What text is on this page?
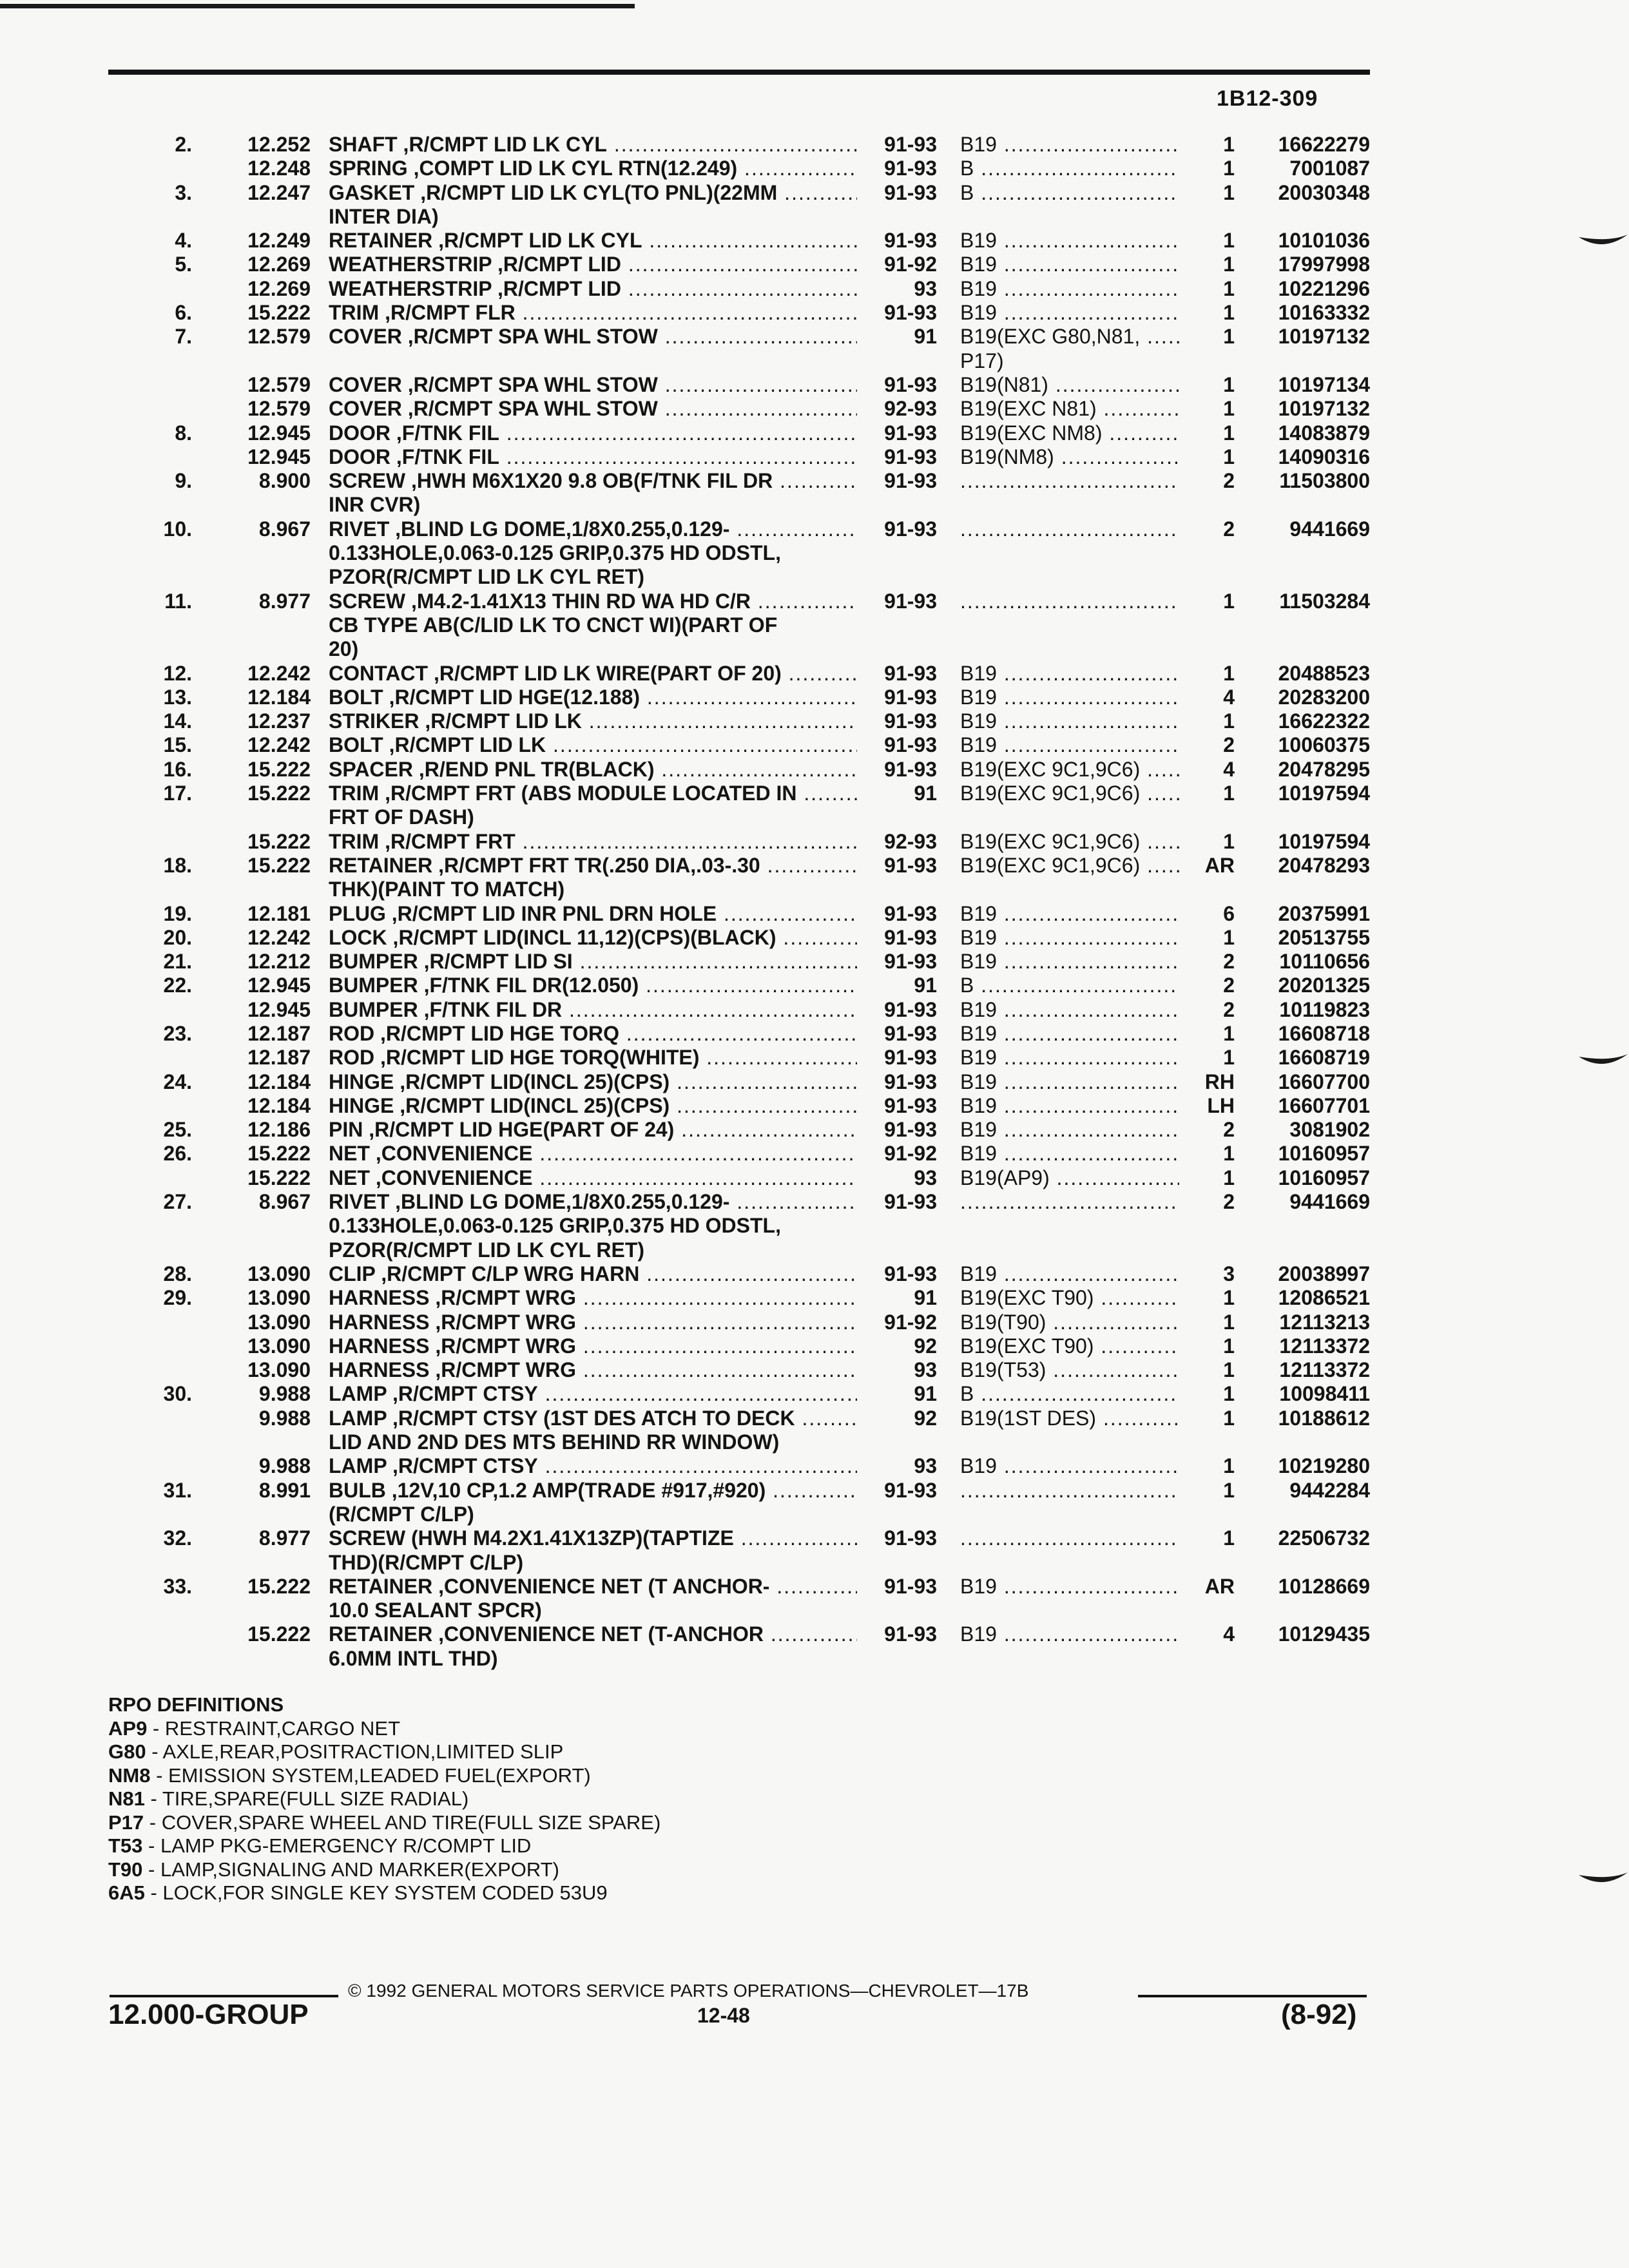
1B12-309
2.	12.252 SHAFT ,R/CMPT LID LK CYL .....	91-93 B19 .....	1	16622279
12.248 SPRING ,COMPT LID LK CYL RTN(12.249) .....	91-93 B .....	1	7001087
3.	12.247 GASKET ,R/CMPT LID LK CYL(TO PNL)(22MM .....	91-93 B .....	1	20030348
INTER DIA)
4.	12.249 RETAINER ,R/CMPT LID LK CYL .....	91-93 B19 .....	1	10101036
5.	12.269 WEATHERSTRIP ,R/CMPT LID .....	91-92 B19 .....	1	17997998
12.269 WEATHERSTRIP ,R/CMPT LID .....	93 B19 .....	1	10221296
6.	15.222 TRIM ,R/CMPT FLR .....	91-93 B19 .....	1	10163332
7.	12.579 COVER ,R/CMPT SPA WHL STOW .....	91 B19(EXC G80,N81, .....	1	10197132
P17)
12.579 COVER ,R/CMPT SPA WHL STOW .....	91-93 B19(N81) .....	1	10197134
12.579 COVER ,R/CMPT SPA WHL STOW .....	92-93 B19(EXC N81) .....	1	10197132
8.	12.945 DOOR ,F/TNK FIL .....	91-93 B19(EXC NM8) .....	1	14083879
12.945 DOOR ,F/TNK FIL .....	91-93 B19(NM8) .....	1	14090316
9.	8.900 SCREW ,HWH M6X1X20 9.8 OB(F/TNK FIL DR .....	91-93 .....	2	11503800
INR CVR)
10.	8.967 RIVET ,BLIND LG DOME,1/8X0.255,0.129- .....	91-93 .....	2	9441669
0.133HOLE,0.063-0.125 GRIP,0.375 HD ODSTL,
PZOR(R/CMPT LID LK CYL RET)
11.	8.977 SCREW ,M4.2-1.41X13 THIN RD WA HD C/R .....	91-93 .....	1	11503284
CB TYPE AB(C/LID LK TO CNCT WI)(PART OF
20)
12.	12.242 CONTACT ,R/CMPT LID LK WIRE(PART OF 20) .....	91-93 B19 .....	1	20488523
13.	12.184 BOLT ,R/CMPT LID HGE(12.188) .....	91-93 B19 .....	4	20283200
14.	12.237 STRIKER ,R/CMPT LID LK .....	91-93 B19 .....	1	16622322
15.	12.242 BOLT ,R/CMPT LID LK .....	91-93 B19 .....	2	10060375
16.	15.222 SPACER ,R/END PNL TR(BLACK) .....	91-93 B19(EXC 9C1,9C6) .....	4	20478295
17.	15.222 TRIM ,R/CMPT FRT (ABS MODULE LOCATED IN .....	91 B19(EXC 9C1,9C6) .....	1	10197594
FRT OF DASH)
15.222 TRIM ,R/CMPT FRT .....	92-93 B19(EXC 9C1,9C6) .....	1	10197594
18.	15.222 RETAINER ,R/CMPT FRT TR(.250 DIA,.03-.30 .....	91-93 B19(EXC 9C1,9C6) .....	AR	20478293
THK)(PAINT TO MATCH)
19.	12.181 PLUG ,R/CMPT LID INR PNL DRN HOLE .....	91-93 B19 .....	6	20375991
20.	12.242 LOCK ,R/CMPT LID(INCL 11,12)(CPS)(BLACK) .....	91-93 B19 .....	1	20513755
21.	12.212 BUMPER ,R/CMPT LID SI .....	91-93 B19 .....	2	10110656
22.	12.945 BUMPER ,F/TNK FIL DR(12.050) .....	91 B .....	2	20201325
12.945 BUMPER ,F/TNK FIL DR .....	91-93 B19 .....	2	10119823
23.	12.187 ROD ,R/CMPT LID HGE TORQ .....	91-93 B19 .....	1	16608718
12.187 ROD ,R/CMPT LID HGE TORQ(WHITE) .....	91-93 B19 .....	1	16608719
24.	12.184 HINGE ,R/CMPT LID(INCL 25)(CPS) .....	91-93 B19 .....	RH	16607700
12.184 HINGE ,R/CMPT LID(INCL 25)(CPS) .....	91-93 B19 .....	LH	16607701
25.	12.186 PIN ,R/CMPT LID HGE(PART OF 24) .....	91-93 B19 .....	2	3081902
26.	15.222 NET ,CONVENIENCE .....	91-92 B19 .....	1	10160957
15.222 NET ,CONVENIENCE .....	93 B19(AP9) .....	1	10160957
27.	8.967 RIVET ,BLIND LG DOME,1/8X0.255,0.129- .....	91-93 .....	2	9441669
0.133HOLE,0.063-0.125 GRIP,0.375 HD ODSTL,
PZOR(R/CMPT LID LK CYL RET)
28.	13.090 CLIP ,R/CMPT C/LP WRG HARN .....	91-93 B19 .....	3	20038997
29.	13.090 HARNESS ,R/CMPT WRG .....	91 B19(EXC T90) .....	1	12086521
13.090 HARNESS ,R/CMPT WRG .....	91-92 B19(T90) .....	1	12113213
13.090 HARNESS ,R/CMPT WRG .....	92 B19(EXC T90) .....	1	12113372
13.090 HARNESS ,R/CMPT WRG .....	93 B19(T53) .....	1	12113372
30.	9.988 LAMP ,R/CMPT CTSY .....	91 B .....	1	10098411
9.988 LAMP ,R/CMPT CTSY (1ST DES ATCH TO DECK .....	92 B19(1ST DES) .....	1	10188612
LID AND 2ND DES MTS BEHIND RR WINDOW)
9.988 LAMP ,R/CMPT CTSY .....	93 B19 .....	1	10219280
31.	8.991 BULB ,12V,10 CP,1.2 AMP(TRADE #917,#920) .....	91-93 .....	1	9442284
(R/CMPT C/LP)
32.	8.977 SCREW (HWH M4.2X1.41X13ZP)(TAPTIZE .....	91-93 .....	1	22506732
THD)(R/CMPT C/LP)
33.	15.222 RETAINER ,CONVENIENCE NET (T ANCHOR- .....	91-93 B19 .....	AR	10128669
10.0 SEALANT SPCR)
15.222 RETAINER ,CONVENIENCE NET (T-ANCHOR .....	91-93 B19 .....	4	10129435
6.0MM INTL THD)
RPO DEFINITIONS
AP9 - RESTRAINT,CARGO NET
G80 - AXLE,REAR,POSITRACTION,LIMITED SLIP
NM8 - EMISSION SYSTEM,LEADED FUEL(EXPORT)
N81 - TIRE,SPARE(FULL SIZE RADIAL)
P17 - COVER,SPARE WHEEL AND TIRE(FULL SIZE SPARE)
T53 - LAMP PKG-EMERGENCY R/COMPT LID
T90 - LAMP,SIGNALING AND MARKER(EXPORT)
6A5 - LOCK,FOR SINGLE KEY SYSTEM CODED 53U9
© 1992 GENERAL MOTORS SERVICE PARTS OPERATIONS—CHEVROLET—17B
12.000-GROUP	12-48	(8-92)
